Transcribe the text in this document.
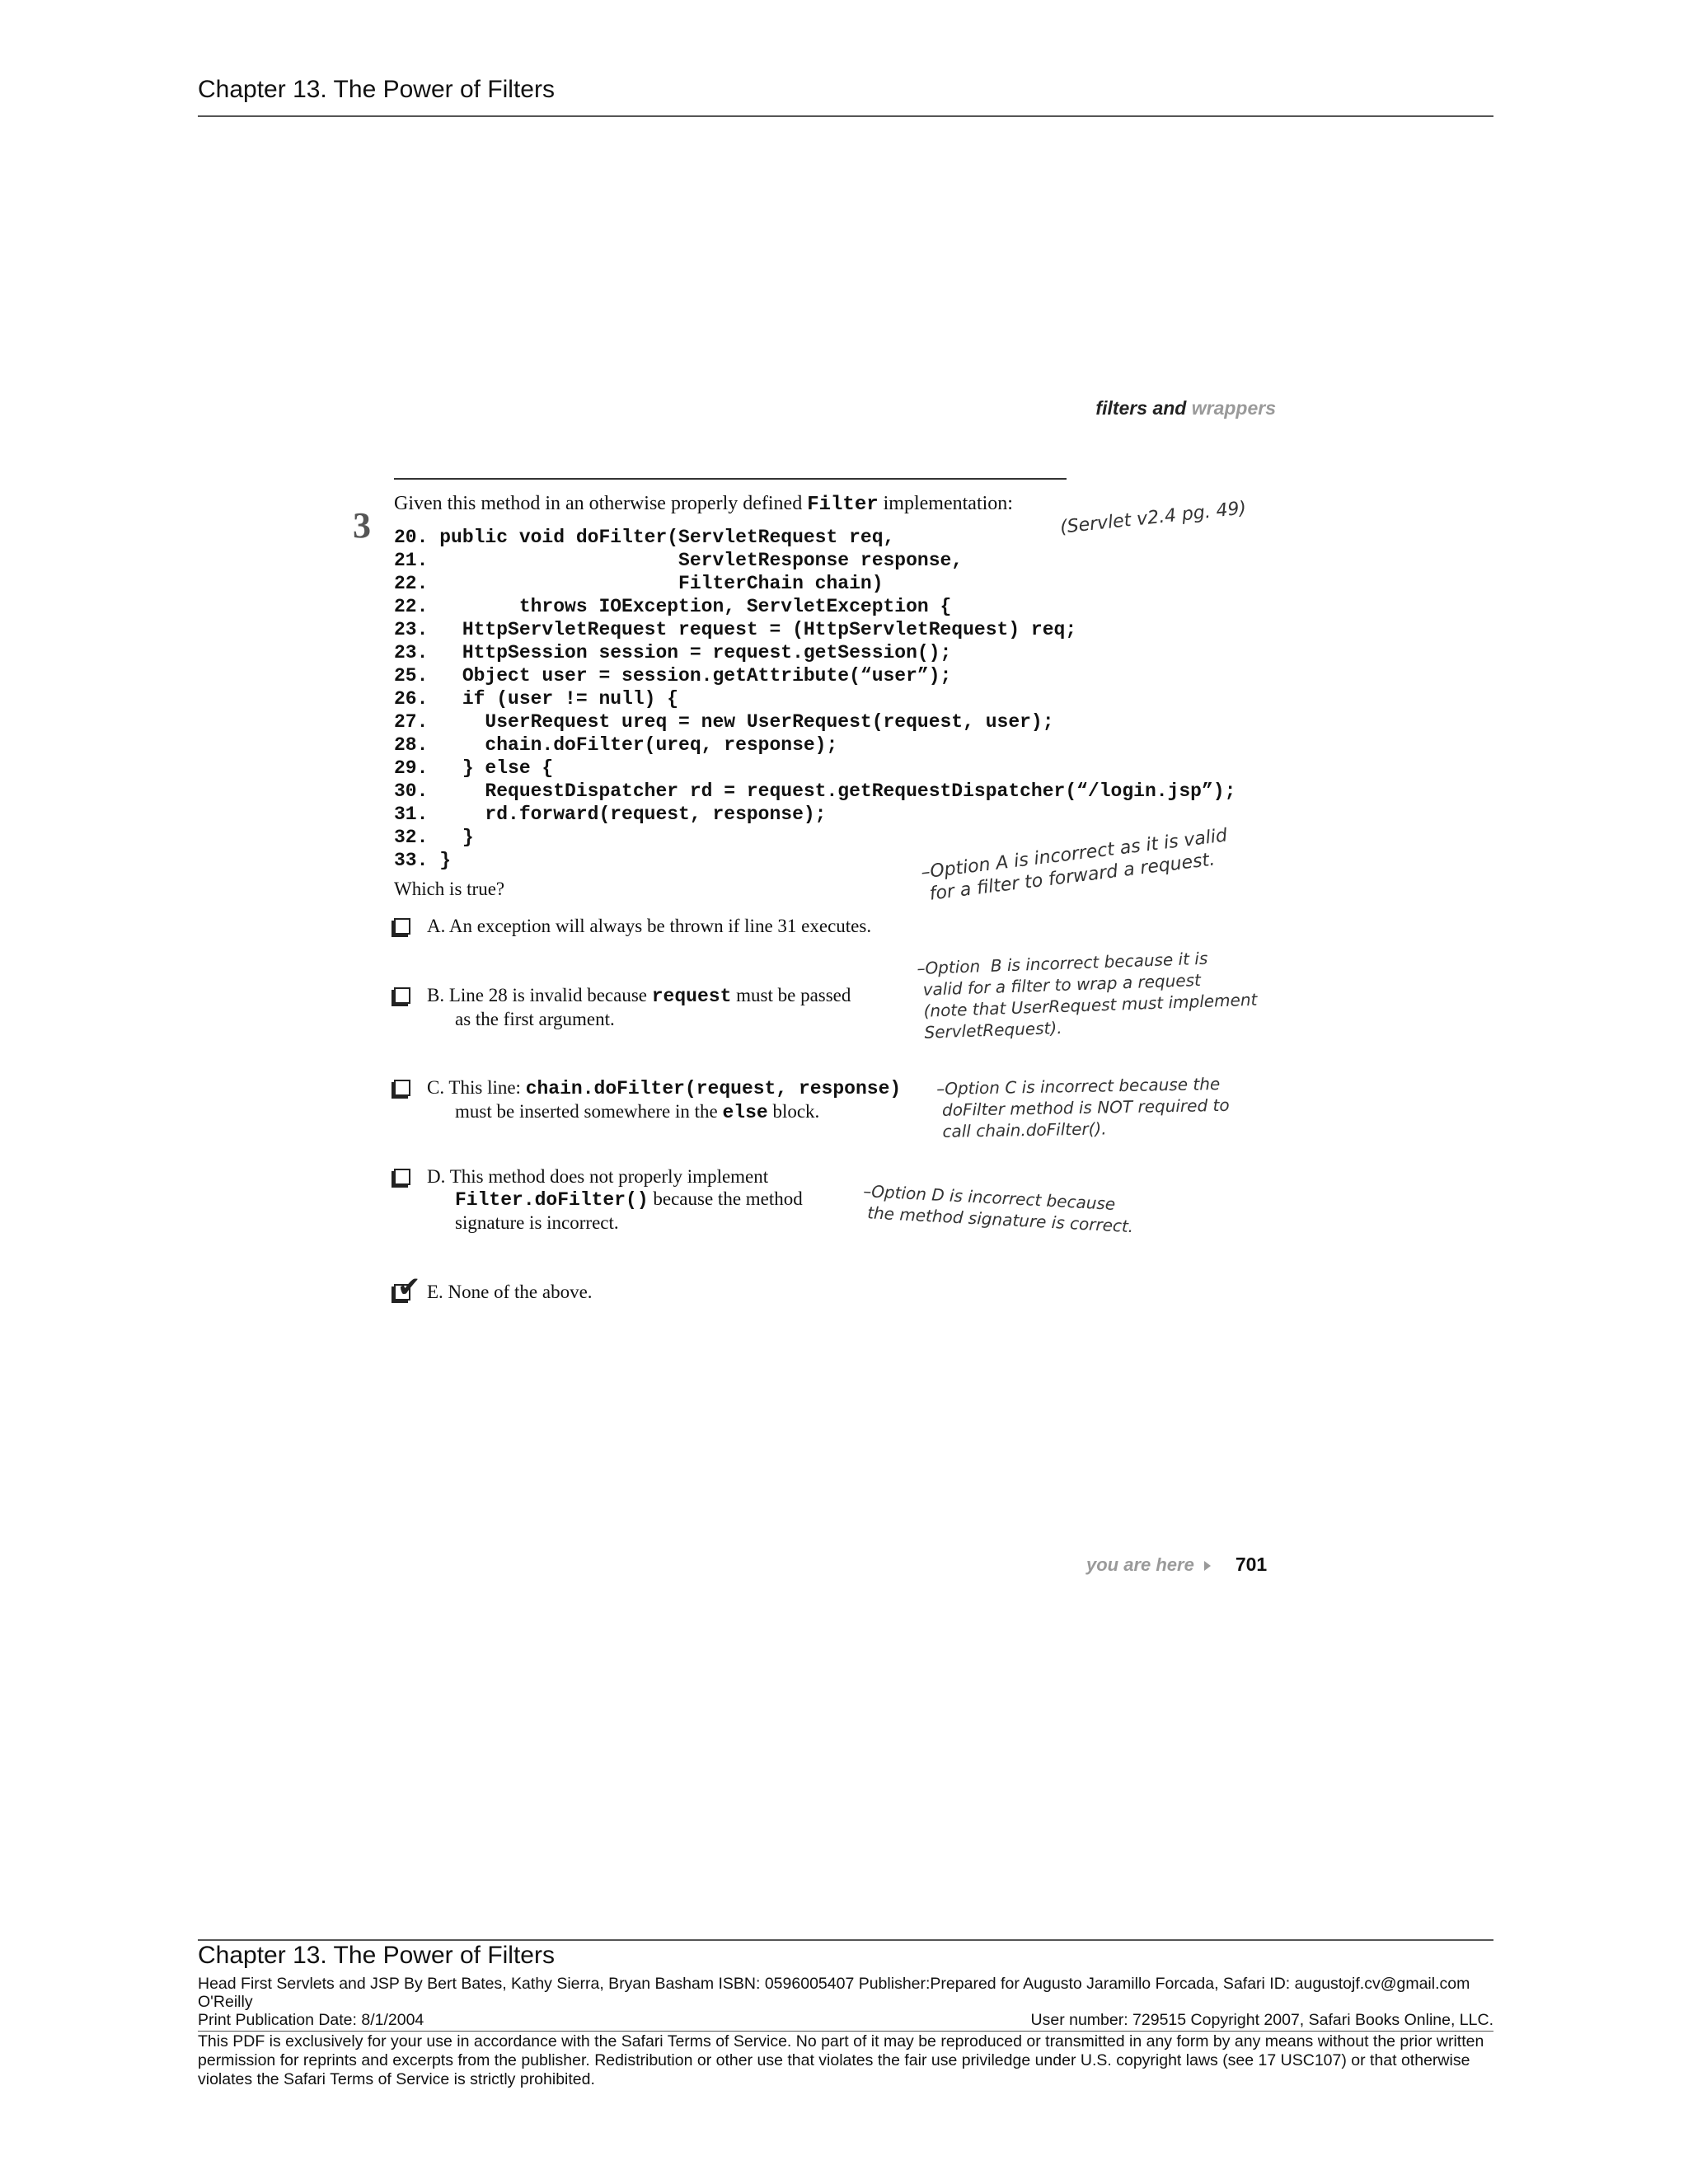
Chapter 13. The Power of Filters
filters and wrappers
3
Given this method in an otherwise properly defined Filter implementation:
20. public void doFilter(ServletRequest req,
21.                      ServletResponse response,
22.                      FilterChain chain)
22.        throws IOException, ServletException {
23.   HttpServletRequest request = (HttpServletRequest) req;
23.   HttpSession session = request.getSession();
25.   Object user = session.getAttribute(“user”);
26.   if (user != null) {
27.     UserRequest ureq = new UserRequest(request, user);
28.     chain.doFilter(ureq, response);
29.   } else {
30.     RequestDispatcher rd = request.getRequestDispatcher(“/login.jsp”);
31.     rd.forward(request, response);
32.   }
33. }
(Servlet v2.4 pg. 49)
Which is true?
A. An exception will always be thrown if line 31 executes.
B. Line 28 is invalid because request must be passed
as the first argument.
C. This line: chain.doFilter(request, response)
must be inserted somewhere in the else block.
D. This method does not properly implement
Filter.doFilter() because the method
signature is incorrect.
✔ E. None of the above.
–Option A is incorrect as it is valid
for a filter to forward a request.
–Option  B is incorrect because it is
valid for a filter to wrap a request
(note that UserRequest must implement
ServletRequest).
–Option C is incorrect because the
doFilter method is NOT required to
call chain.doFilter().
–Option D is incorrect because
the method signature is correct.
you are here 701
Chapter 13. The Power of Filters
Head First Servlets and JSP By Bert Bates, Kathy Sierra, Bryan Basham ISBN: 0596005407 Publisher:Prepared for Augusto Jaramillo Forcada, Safari ID: augustojf.cv@gmail.com
O'Reilly
Print Publication Date: 8/1/2004	User number: 729515 Copyright 2007, Safari Books Online, LLC.
This PDF is exclusively for your use in accordance with the Safari Terms of Service. No part of it may be reproduced or transmitted in any form by any means without the prior written permission for reprints and excerpts from the publisher. Redistribution or other use that violates the fair use priviledge under U.S. copyright laws (see 17 USC107) or that otherwise violates the Safari Terms of Service is strictly prohibited.
